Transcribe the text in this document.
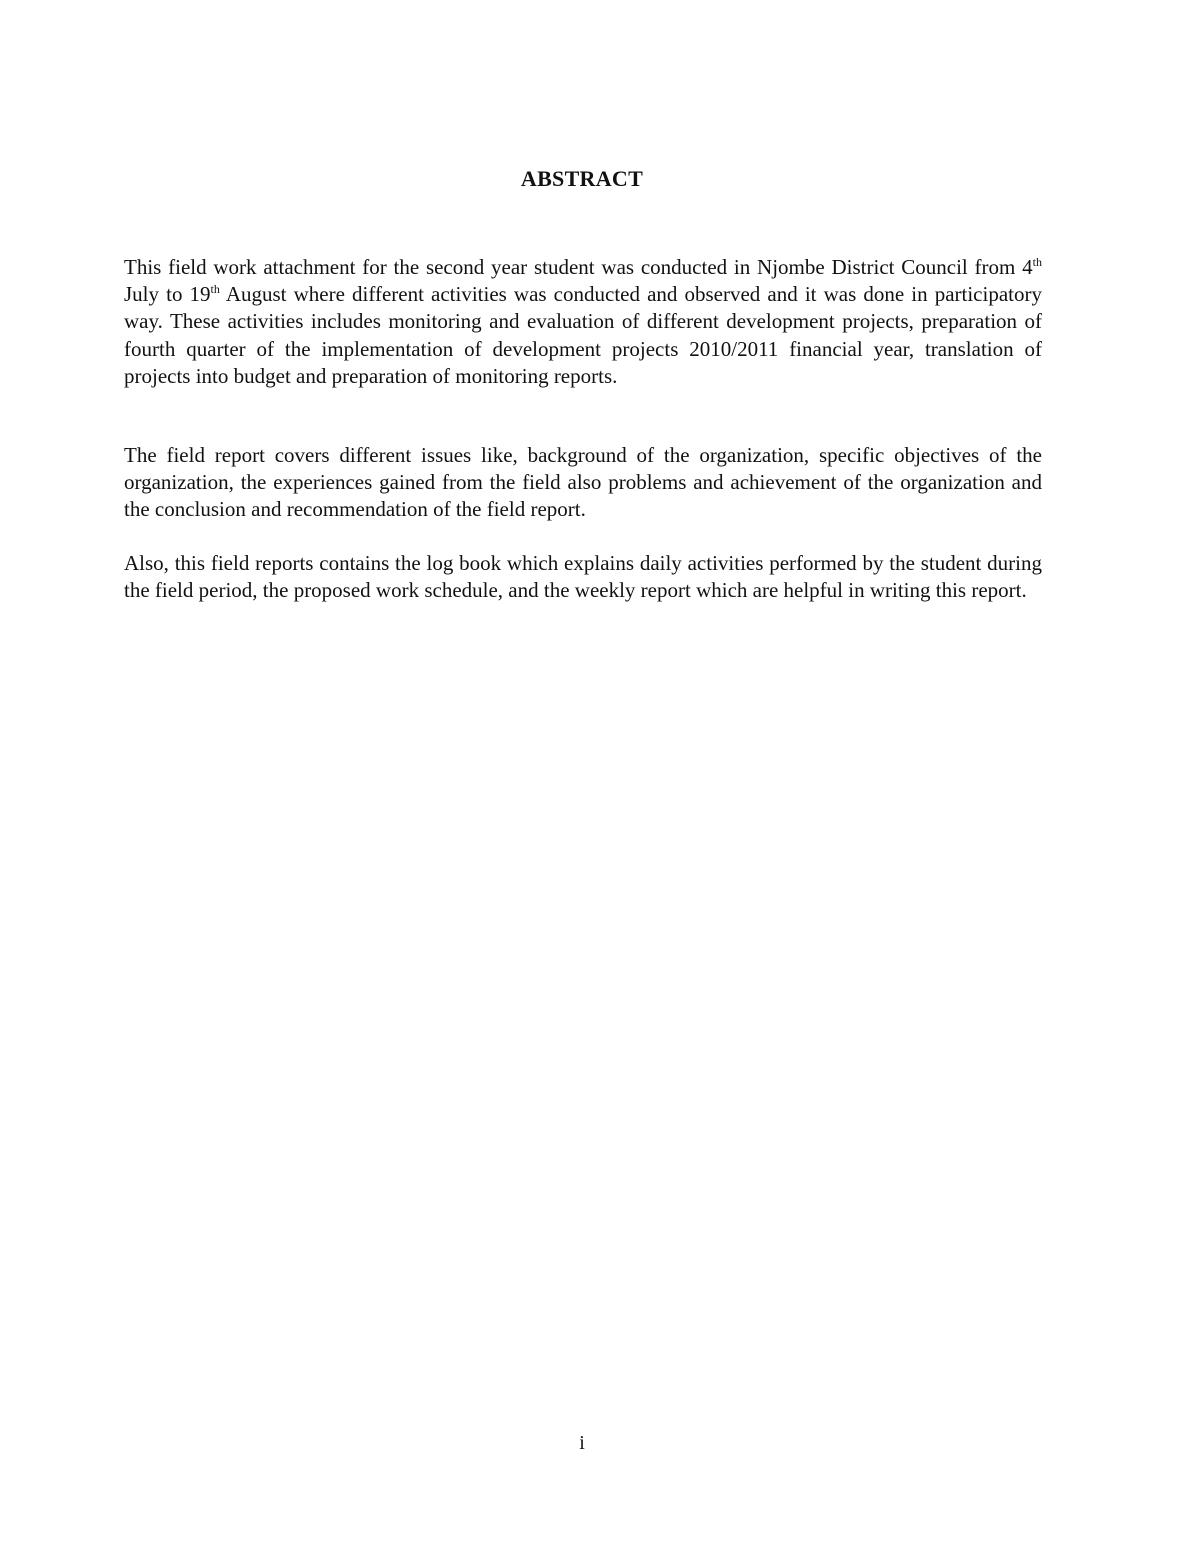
ABSTRACT

This field work attachment for the second year student was conducted in Njombe District Council from 4th July to 19th August where different activities was conducted and observed and it was done in participatory way. These activities includes monitoring and evaluation of different development projects, preparation of fourth quarter of the implementation of development projects 2010/2011 financial year, translation of projects into budget and preparation of monitoring reports.

The field report covers different issues like, background of the organization, specific objectives of the organization, the experiences gained from the field also problems and achievement of the organization and the conclusion and recommendation of the field report.

Also, this field reports contains the log book which explains daily activities performed by the student during the field period, the proposed work schedule, and the weekly report which are helpful in writing this report.

i
